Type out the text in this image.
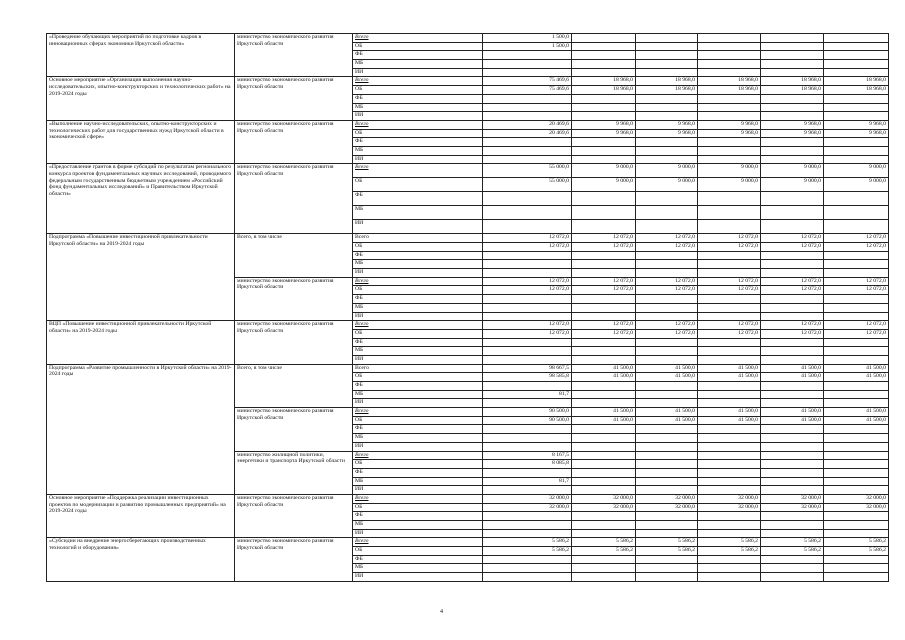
«Проведение обучающих мероприятий по подготовке кадров в инновационных сферах экономики Иркутской области»	министерство экономического развития Иркутской области	Всего	1 500,0					
		ОБ	1 500,0					
		ФБ						
		МБ						
		ИИ						
Основное мероприятие «Организация выполнения научно-исследовательских, опытно-конструкторских и технологических работ» на 2019-2024 годы	министерство экономического развития Иркутской области	Всего	75 469,6	18 968,0	18 968,0	18 968,0	18 968,0	18 968,0
		ОБ	75 469,6	18 968,0	18 968,0	18 968,0	18 968,0	18 968,0
		ФБ						
		МБ						
		ИИ						
«Выполнение научно-исследовательских, опытно-конструкторских и технологических работ для государственных нужд Иркутской области в экономической сфере»	министерство экономического развития Иркутской области	Всего	20 469,6	9 968,0	9 968,0	9 968,0	9 968,0	9 968,0
		ОБ	20 469,6	9 968,0	9 968,0	9 968,0	9 968,0	9 968,0
		ФБ						
		МБ						
		ИИ						
«Предоставление грантов в форме субсидий по результатам регионального конкурса проектов фундаментальных научных исследований, проводимого федеральным государственным бюджетным учреждением «Российский фонд фундаментальных исследований» и Правительством Иркутской области»	министерство экономического развития Иркутской области	Всего	55 000,0	9 000,0	9 000,0	9 000,0	9 000,0	9 000,0
		ОБ	55 000,0	9 000,0	9 000,0	9 000,0	9 000,0	9 000,0
		ФБ						
		МБ						
		ИИ						
Подпрограмма «Повышение инвестиционной привлекательности Иркутской области» на 2019-2024 годы	Всего, в том числе	Всего	12 072,0	12 072,0	12 072,0	12 072,0	12 072,0	12 072,0
		ОБ	12 072,0	12 072,0	12 072,0	12 072,0	12 072,0	12 072,0
		ФБ						
		МБ						
		ИИ						
	министерство экономического развития Иркутской области	Всего	12 072,0	12 072,0	12 072,0	12 072,0	12 072,0	12 072,0
		ОБ	12 072,0	12 072,0	12 072,0	12 072,0	12 072,0	12 072,0
		ФБ						
		МБ						
		ИИ						
ВЦП «Повышение инвестиционной привлекательности Иркутской области» на 2019-2024 годы	министерство экономического развития Иркутской области	Всего	12 072,0	12 072,0	12 072,0	12 072,0	12 072,0	12 072,0
		ОБ	12 072,0	12 072,0	12 072,0	12 072,0	12 072,0	12 072,0
		ФБ						
		МБ						
		ИИ						
Подпрограмма «Развитие промышленности в Иркутской области» на 2019-2024 годы	Всего, в том числе	Всего	98 667,5	41 500,0	41 500,0	41 500,0	41 500,0	41 500,0
		ОБ	98 585,8	41 500,0	41 500,0	41 500,0	41 500,0	41 500,0
		ФБ						
		МБ	81,7					
		ИИ						
	министерство экономического развития Иркутской области	Всего	90 500,0	41 500,0	41 500,0	41 500,0	41 500,0	41 500,0
		ОБ	90 500,0	41 500,0	41 500,0	41 500,0	41 500,0	41 500,0
		ФБ						
		МБ						
		ИИ						
	министерство жилищной политики, энергетики и транспорта Иркутской области	Всего	8 167,5					
		ОБ	8 085,8					
		ФБ						
		МБ	81,7					
		ИИ						
Основное мероприятие «Поддержка реализации инвестиционных проектов по модернизации и развитию промышленных предприятий» на 2019-2024 годы	министерство экономического развития Иркутской области	Всего	32 000,0	32 000,0	32 000,0	32 000,0	32 000,0	32 000,0
		ОБ	32 000,0	32 000,0	32 000,0	32 000,0	32 000,0	32 000,0
		ФБ						
		МБ						
		ИИ						
«Субсидии на внедрение энергосберегающих производственных технологий и оборудования»	министерство экономического развития Иркутской области	Всего	5 586,2	5 586,2	5 586,2	5 586,2	5 586,2	5 586,2
		ОБ	5 586,2	5 586,2	5 586,2	5 586,2	5 586,2	5 586,2
		ФБ						
		МБ						
		ИИ						
4
